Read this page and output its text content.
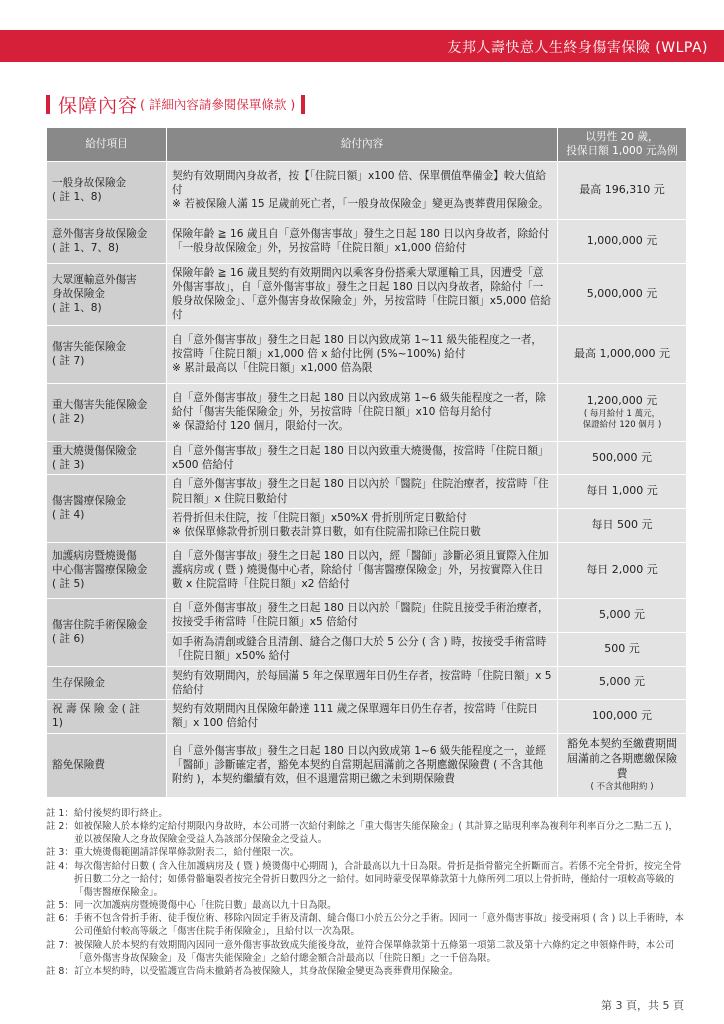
友邦人壽快意人生終身傷害保險 (WLPA)
保障內容 ( 詳細內容請參閱保單條款 )
給付項目	給付內容	以男性 20 歲，
投保日額 1,000 元為例

一般身故保險金
( 註 1、8)	契約有效期間內身故者，按【「住院日額」x100 倍、保單價值準備金】較大值給付
※ 若被保險人滿 15 足歲前死亡者，「一般身故保險金」變更為喪葬費用保險金。	最高 196,310 元

意外傷害身故保險金
( 註 1、7、8)	保險年齡 ≧ 16 歲且自「意外傷害事故」發生之日起 180 日以內身故者，除給付「一般身故保險金」外，另按當時「住院日額」x1,000 倍給付	1,000,000 元

大眾運輸意外傷害
身故保險金
( 註 1、8)	保險年齡 ≧ 16 歲且契約有效期間內以乘客身份搭乘大眾運輸工具，因遭受「意外傷害事故」，自「意外傷害事故」發生之日起 180 日以內身故者，除給付「一般身故保險金」、「意外傷害身故保險金」外，另按當時「住院日額」x5,000 倍給付	5,000,000 元

傷害失能保險金
( 註 7)	自「意外傷害事故」發生之日起 180 日以內致成第 1~11 級失能程度之一者，按當時「住院日額」x1,000 倍 x 給付比例 (5%~100%) 給付
※ 累計最高以「住院日額」x1,000 倍為限	最高 1,000,000 元

重大傷害失能保險金
( 註 2)	自「意外傷害事故」發生之日起 180 日以內致成第 1~6 級失能程度之一者，除給付「傷害失能保險金」外，另按當時「住院日額」x10 倍每月給付
※ 保證給付 120 個月，限給付一次。	1,200,000 元
( 每月給付 1 萬元，
保證給付 120 個月 )

重大燒燙傷保險金
( 註 3)	自「意外傷害事故」發生之日起 180 日以內致重大燒燙傷，按當時「住院日額」x500 倍給付	500,000 元

傷害醫療保險金
( 註 4)	自「意外傷害事故」發生之日起 180 日以內於「醫院」住院治療者，按當時「住院日額」x 住院日數給付	每日 1,000 元

	若骨折但未住院，按「住院日額」x50%X 骨折別所定日數給付
※ 依保單條款骨折別日數表計算日數，如有住院需扣除已住院日數	每日 500 元

加護病房暨燒燙傷
中心傷害醫療保險金
( 註 5)	自「意外傷害事故」發生之日起 180 日以內，經「醫師」診斷必須且實際入住加護病房或 ( 暨 ) 燒燙傷中心者，除給付「傷害醫療保險金」外，另按實際入住日數 x 住院當時「住院日額」x2 倍給付	每日 2,000 元

傷害住院手術保險金
( 註 6)	自「意外傷害事故」發生之日起 180 日以內於「醫院」住院且接受手術治療者，按接受手術當時「住院日額」x5 倍給付	5,000 元
	如手術為清創或縫合且清創、縫合之傷口大於 5 公分 ( 含 ) 時，按接受手術當時「住院日額」x50% 給付	500 元
生存保險金	契約有效期間內，於每屆滿 5 年之保單週年日仍生存者，按當時「住院日額」x 5 倍給付	5,000 元

祝 壽 保 險 金 ( 註
1)	契約有效期間內且保險年齡達 111 歲之保單週年日仍生存者，按當時「住院日額」x 100 倍給付	100,000 元
豁免保險費	自「意外傷害事故」發生之日起 180 日以內致成第 1~6 級失能程度之一，並經「醫師」診斷確定者，豁免本契約自當期起屆滿前之各期應繳保險費 ( 不含其他附約 )，本契約繼續有效，但不退還當期已繳之未到期保險費	豁免本契約至繳費期間屆滿前之各期應繳保險費
( 不含其他附約 )
註 1： 給付後契約即行終止。
註 2： 如被保險人於本條約定給付期限內身故時，本公司將一次給付剩餘之「重大傷害失能保險金」( 其計算之貼現利率為複利年利率百分之二點二五 )，並以被保險人之身故保險金受益人為該部分保險金之受益人。
註 3： 重大燒燙傷範圍請詳保單條款附表二，給付僅限一次。
註 4： 每次傷害給付日數 ( 含入住加護病房及 ( 暨 ) 燒燙傷中心期間 )，合計最高以九十日為限。骨折是指骨骼完全折斷而言。若係不完全骨折，按完全骨折日數二分之一給付；如係骨骼龜裂者按完全骨折日數四分之一給付。如同時蒙受保單條款第十九條所列二項以上骨折時，僅給付一項較高等級的「傷害醫療保險金」。
註 5： 同一次加護病房暨燒燙傷中心「住院日數」最高以九十日為限。
註 6： 手術不包含骨折手術、徒手復位術、移除內固定手術及清創、縫合傷口小於五公分之手術。因同一「意外傷害事故」接受兩項 ( 含 ) 以上手術時，本公司僅給付較高等級之「傷害住院手術保險金」，且給付以一次為限。
註 7： 被保險人於本契約有效期間內因同一意外傷害事故致成失能後身故，並符合保單條款第十五條第一項第二款及第十六條約定之申領條件時，本公司「意外傷害身故保險金」及「傷害失能保險金」之給付總金額合計最高以「住院日額」之一千倍為限。
註 8： 訂立本契約時，以受監護宣告尚未撤銷者為被保險人，其身故保險金變更為喪葬費用保險金。
第 3 頁，共 5 頁
